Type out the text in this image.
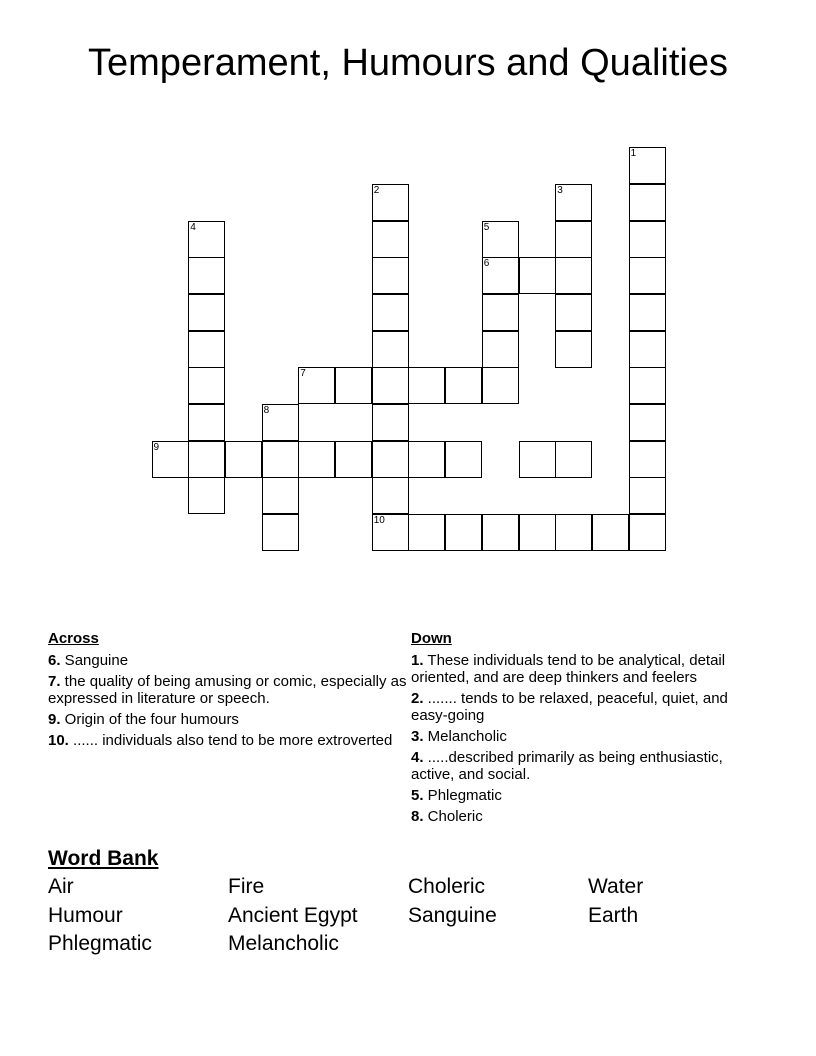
Temperament, Humours and Qualities
1
2	3
4	5
6
7
8
9
10
Across
6. Sanguine
7. the quality of being amusing or comic, especially as expressed in literature or speech.
9. Origin of the four humours
10. ...... individuals also tend to be more extroverted
Down
1. These individuals tend to be analytical, detail oriented, and are deep thinkers and feelers
2. ....... tends to be relaxed, peaceful, quiet, and easy-going
3. Melancholic
4. .....described primarily as being enthusiastic, active, and social.
5. Phlegmatic
8. Choleric
Word Bank
Air	Fire	Choleric	Water
Humour	Ancient Egypt	Sanguine	Earth
Phlegmatic	Melancholic
